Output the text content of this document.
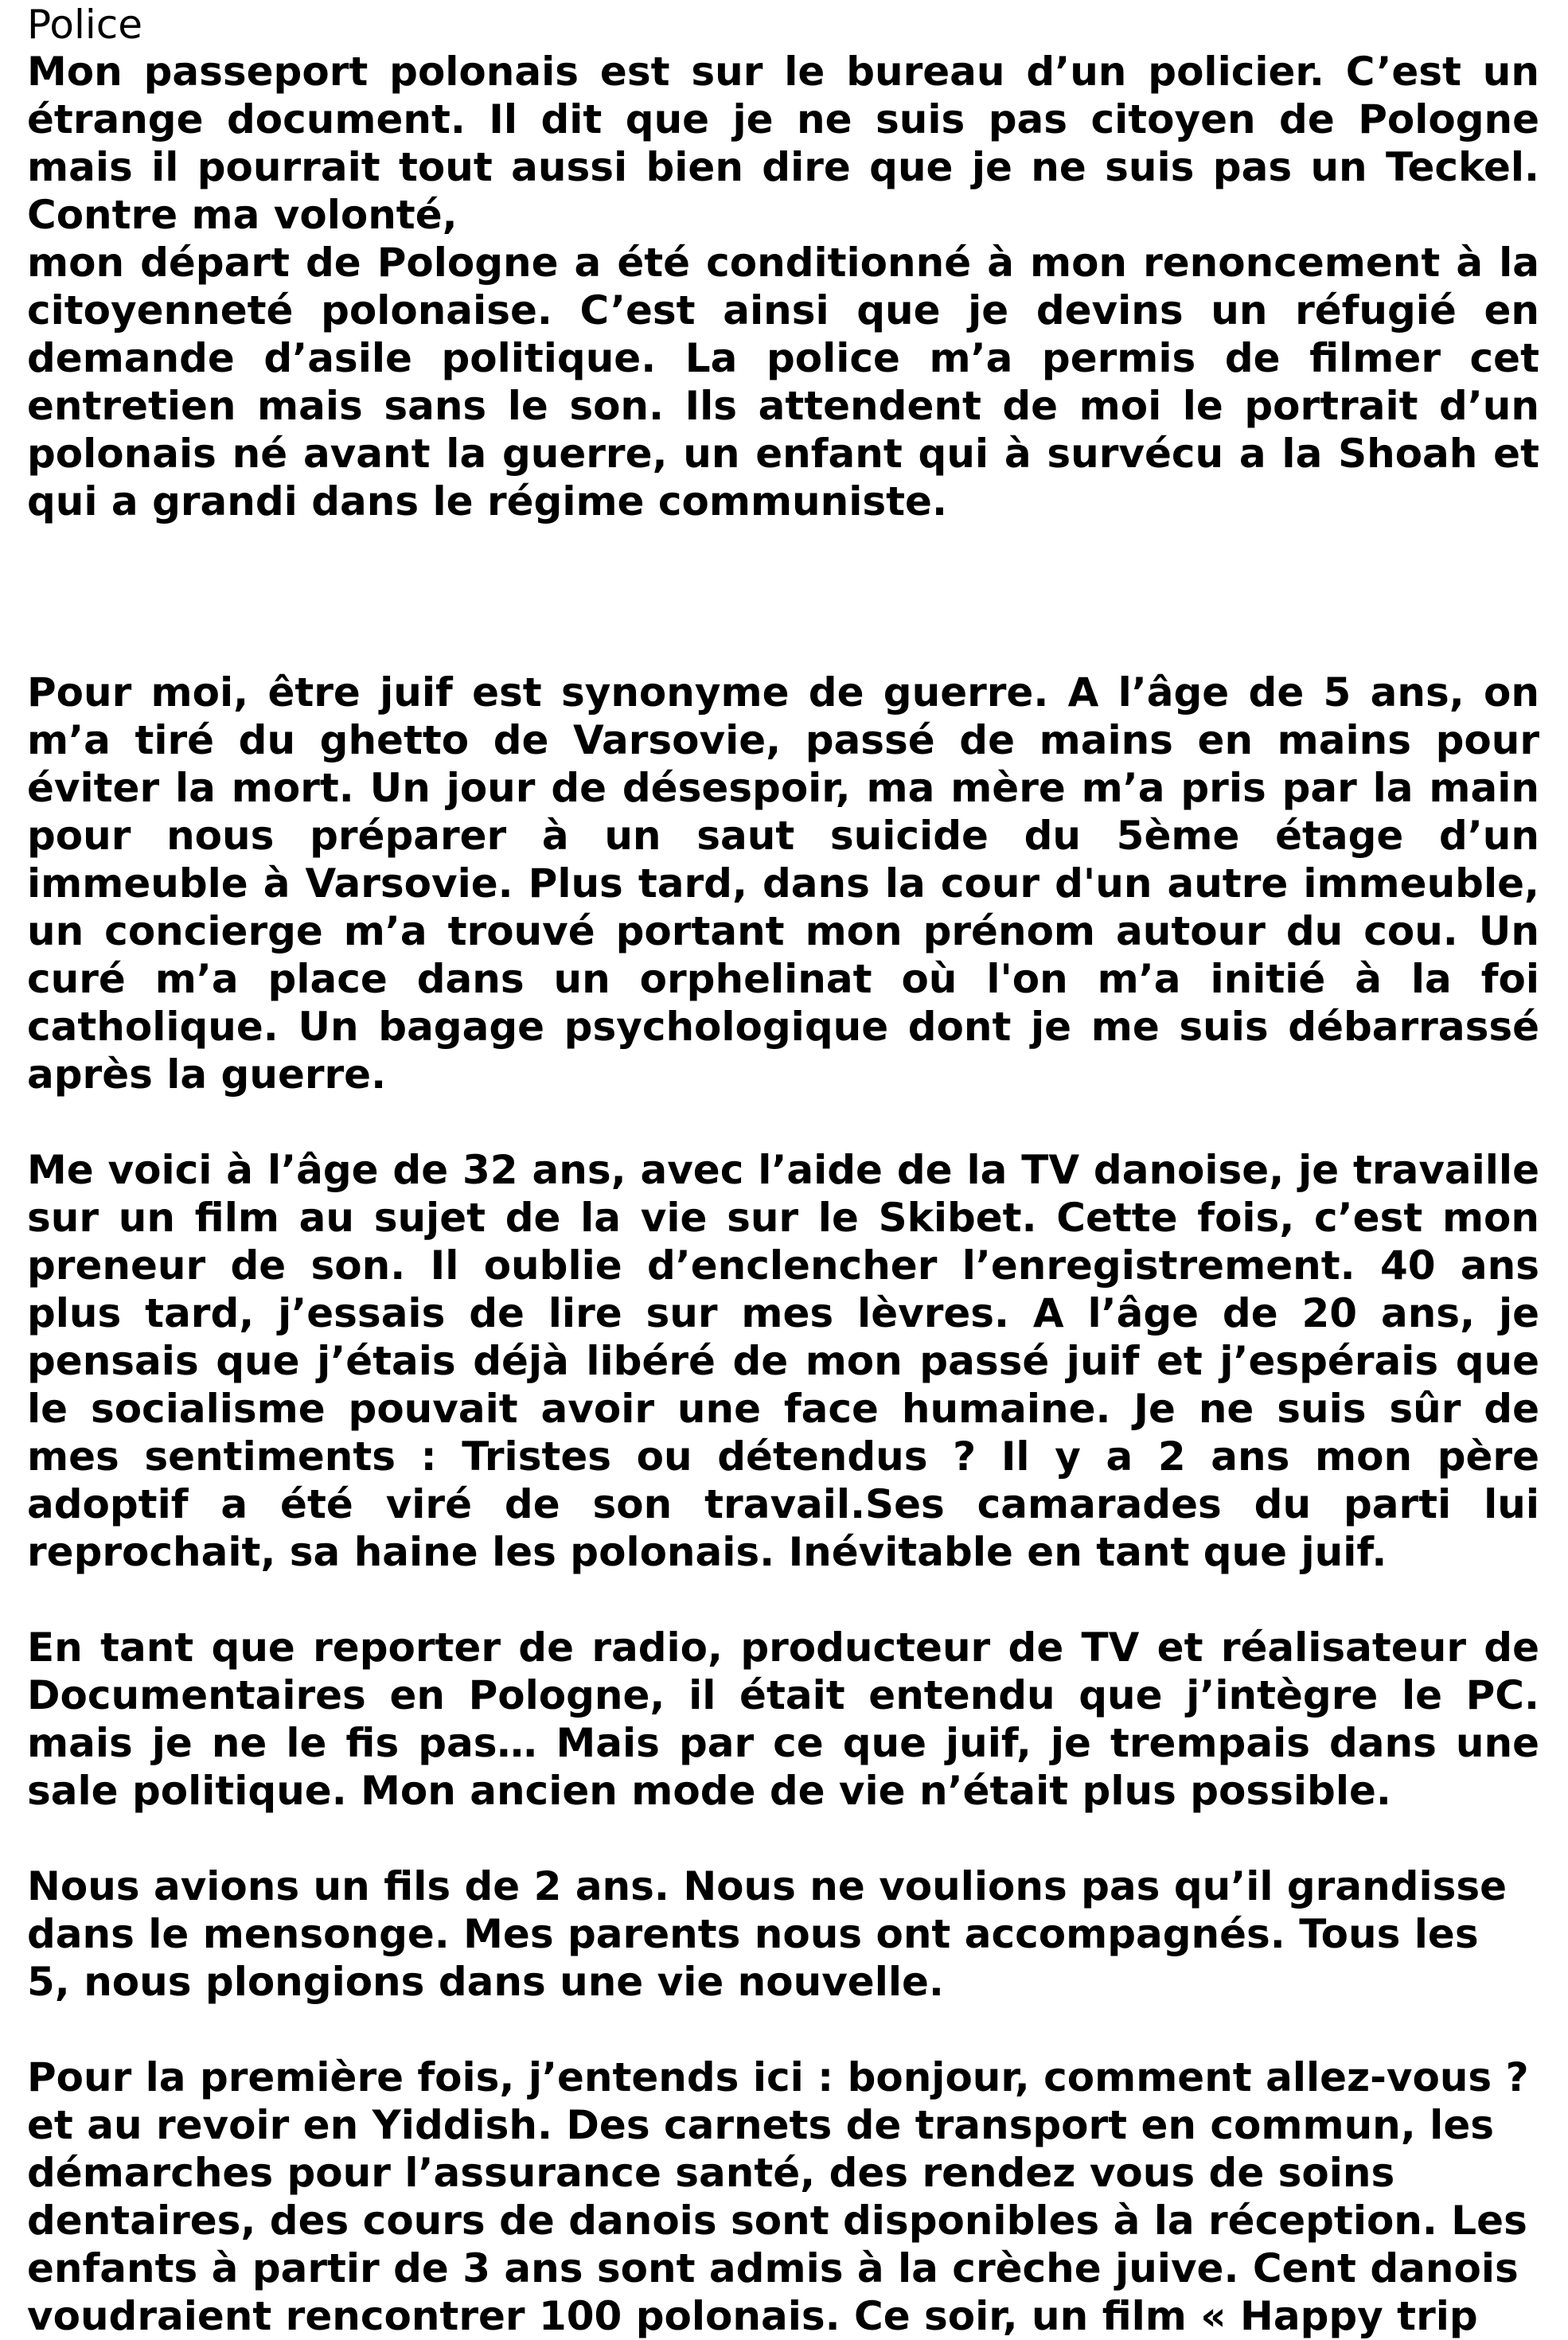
Police

Mon passeport polonais est sur le bureau d’un policier. C’est un étrange document. Il dit que je ne suis pas citoyen de Pologne mais il pourrait tout aussi bien dire que je ne suis pas un Teckel. Contre ma volonté,
mon départ de Pologne a été conditionné à mon renoncement à la citoyenneté polonaise. C’est ainsi que je devins un réfugié en demande d’asile politique. La police m’a permis de filmer cet entretien mais sans le son. Ils attendent de moi le portrait d’un polonais né avant la guerre, un enfant qui à survécu a la Shoah et qui a grandi dans le régime communiste.

Pour moi, être juif est synonyme de guerre. A l’âge de 5 ans, on m’a tiré du ghetto de Varsovie, passé de mains en mains pour éviter la mort. Un jour de désespoir, ma mère m’a pris par la main pour nous préparer à un saut suicide du 5ème étage d’un immeuble à Varsovie. Plus tard, dans la cour d'un autre immeuble, un concierge m’a trouvé portant mon prénom autour du cou. Un curé m’a place dans un orphelinat où l'on m’a initié à la foi catholique. Un bagage psychologique dont je me suis débarrassé après la guerre.

Me voici à l’âge de 32 ans, avec l’aide de la TV danoise, je travaille sur un film au sujet de la vie sur le Skibet. Cette fois, c’est mon preneur de son. Il oublie d’enclencher l’enregistrement. 40 ans plus tard, j’essais de lire sur mes lèvres. A l’âge de 20 ans, je pensais que j’étais déjà libéré de mon passé juif et j’espérais que le socialisme pouvait avoir une face humaine. Je ne suis sûr de mes sentiments : Tristes ou détendus ? Il y a 2 ans mon père adoptif a été viré de son travail.Ses camarades du parti lui reprochait, sa haine les polonais. Inévitable en tant que juif.

En tant que reporter de radio, producteur de TV et réalisateur de Documentaires en Pologne, il était entendu que j’intègre le PC. mais je ne le fis pas… Mais par ce que juif, je trempais dans une sale politique. Mon ancien mode de vie n’était plus possible.

Nous avions un fils de 2 ans. Nous ne voulions pas qu’il grandisse
dans le mensonge. Mes parents nous ont accompagnés. Tous les
5, nous plongions dans une vie nouvelle.

Pour la première fois, j’entends ici : bonjour, comment allez-vous ?
et au revoir en Yiddish. Des carnets de transport en commun, les
démarches pour l’assurance santé, des rendez vous de soins
dentaires, des cours de danois sont disponibles à la réception. Les
enfants à partir de 3 ans sont admis à la crèche juive. Cent danois
voudraient rencontrer 100 polonais. Ce soir, un film « Happy trip
